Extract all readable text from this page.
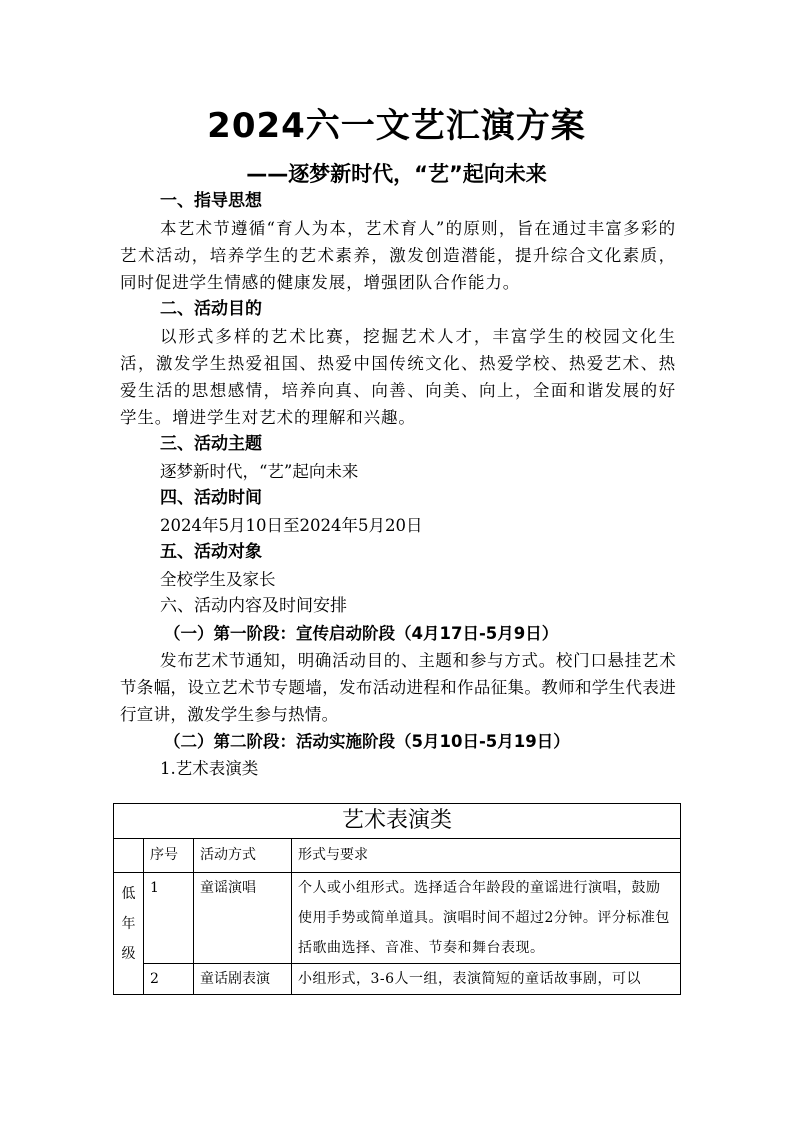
2024六一文艺汇演方案
——逐梦新时代，“艺”起向未来
一、指导思想
本艺术节遵循“育人为本，艺术育人”的原则，旨在通过丰富多彩的艺术活动，培养学生的艺术素养，激发创造潜能，提升综合文化素质，同时促进学生情感的健康发展，增强团队合作能力。
二、活动目的
以形式多样的艺术比赛，挖掘艺术人才，丰富学生的校园文化生活，激发学生热爱祖国、热爱中国传统文化、热爱学校、热爱艺术、热爱生活的思想感情，培养向真、向善、向美、向上，全面和谐发展的好学生。增进学生对艺术的理解和兴趣。
三、活动主题
逐梦新时代，“艺”起向未来
四、活动时间
2024年5月10日至2024年5月20日
五、活动对象
全校学生及家长
六、活动内容及时间安排
（一）第一阶段：宣传启动阶段（4月17日-5月9日）
发布艺术节通知，明确活动目的、主题和参与方式。校门口悬挂艺术节条幅，设立艺术节专题墙，发布活动进程和作品征集。教师和学生代表进行宣讲，激发学生参与热情。
（二）第二阶段：活动实施阶段（5月10日-5月19日）
1.艺术表演类
艺术表演类			
	序号	活动方式	形式与要求

低
年
级	1	童谣演唱	个人或小组形式。选择适合年龄段的童谣进行演唱，鼓励使用手势或简单道具。演唱时间不超过2分钟。评分标准包括歌曲选择、音准、节奏和舞台表现。
	2	童话剧表演	小组形式，3-6人一组，表演简短的童话故事剧，可以
